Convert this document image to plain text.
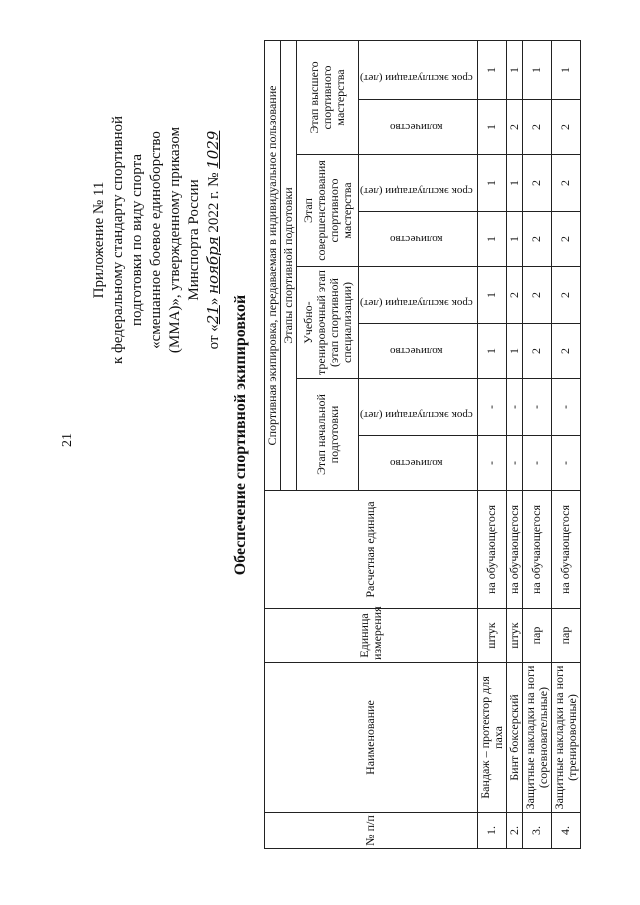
21
Приложение № 11 к федеральному стандарту спортивной подготовки по виду спорта «смешанное боевое единоборство (ММА)», утвержденному приказом Минспорта России
от «21» ноября 2022 г. № 1029
Обеспечение спортивной экипировкой
№ п/п	Наименование	Единица измерения	Расчетная единица	Спортивная экипировка, передаваемая в индивидуальное пользование							
				Этапы спортивной подготовки							
				Этап начальной подготовки		Учебно-тренировочный этап (этап спортивной специализации)		Этап совершенствования спортивного мастерства		Этап высшего спортивного мастерства	
				количество	срок эксплуатации (лет)	количество	срок эксплуатации (лет)	количество	срок эксплуатации (лет)	количество	срок эксплуатации (лет)
1.	Бандаж – протектор для паха	штук	на обучающегося	-	-	1	1	1	1	1	1
2.	Бинт боксерский	штук	на обучающегося	-	-	1	2	1	1	2	1
3.	Защитные накладки на ноги (соревновательные)	пар	на обучающегося	-	-	2	2	2	2	2	1
4.	Защитные накладки на ноги (тренировочные)	пар	на обучающегося	-	-	2	2	2	2	2	1
